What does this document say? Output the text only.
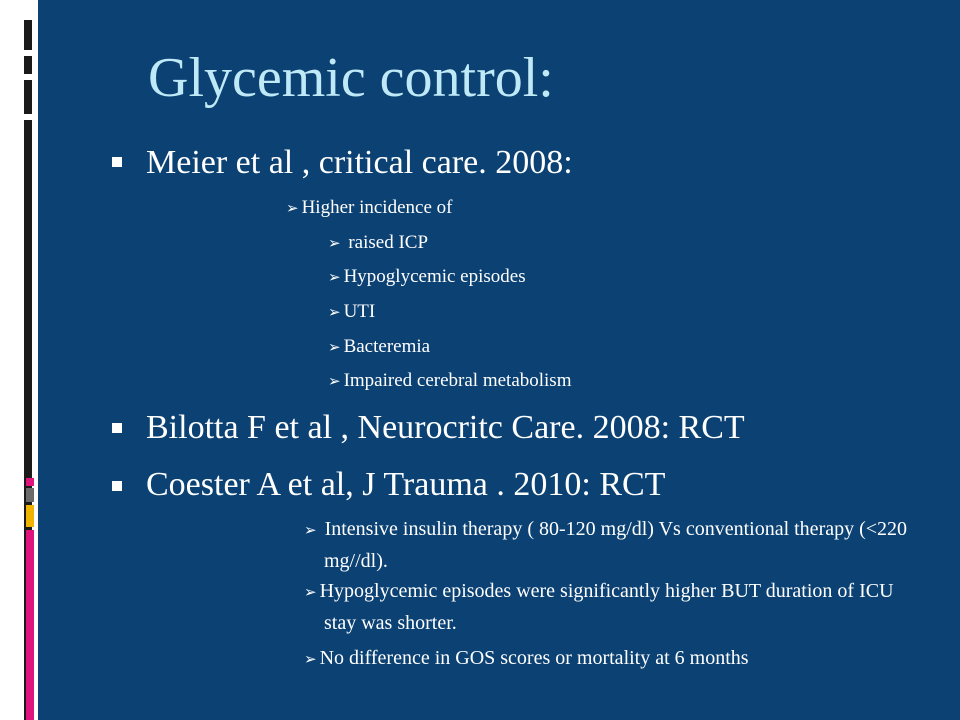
Glycemic control:
Meier et al , critical care. 2008:
➢ Higher incidence of
➢ raised ICP
➢ Hypoglycemic episodes
➢ UTI
➢ Bacteremia
➢ Impaired cerebral metabolism
Bilotta F et al , Neurocritc Care. 2008: RCT
Coester A et al, J Trauma . 2010: RCT
➢ Intensive insulin therapy ( 80-120 mg/dl) Vs conventional therapy (<220 mg//dl).
➢ Hypoglycemic episodes were significantly higher BUT duration of ICU stay was shorter.
➢ No difference in GOS scores or mortality at 6 months
